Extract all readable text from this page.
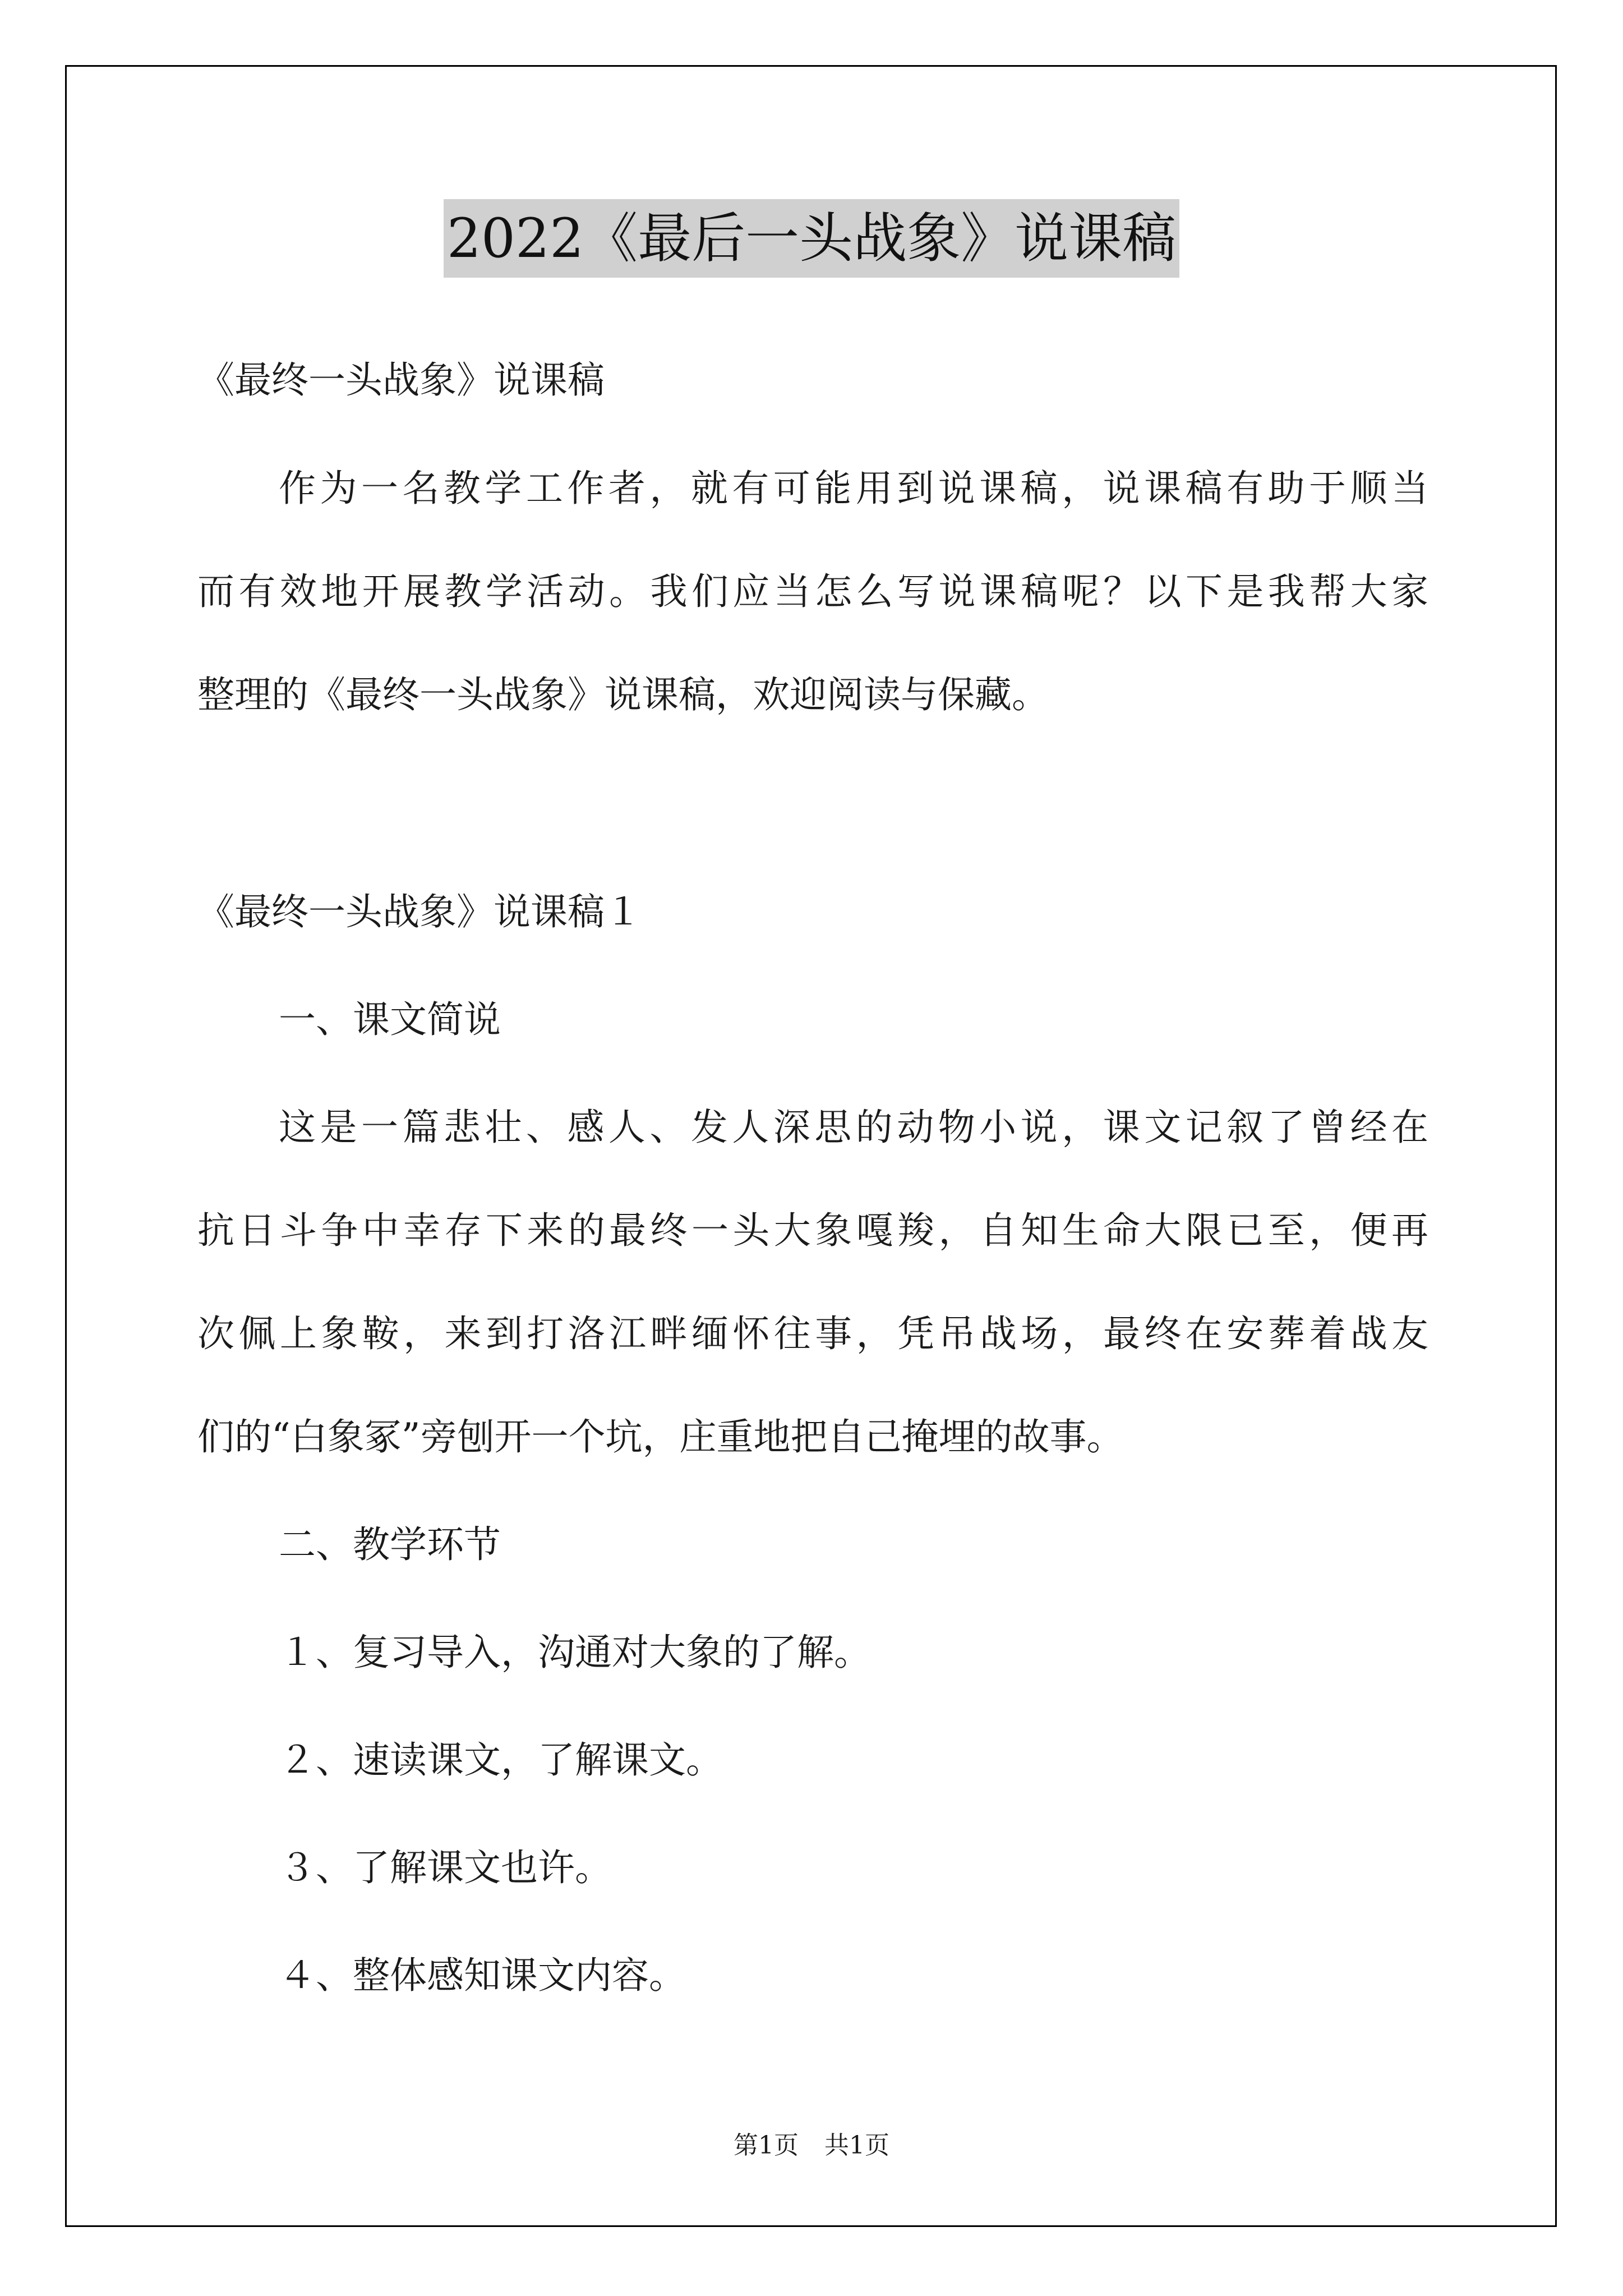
2022《最后一头战象》说课稿
《最终一头战象》说课稿
作为一名教学工作者，就有可能用到说课稿，说课稿有助于顺当
而有效地开展教学活动。我们应当怎么写说课稿呢？以下是我帮大家
整理的《最终一头战象》说课稿，欢迎阅读与保藏。
《最终一头战象》说课稿１
一、课文简说
这是一篇悲壮、感人、发人深思的动物小说，课文记叙了曾经在
抗日斗争中幸存下来的最终一头大象嘎羧，自知生命大限已至，便再
次佩上象鞍，来到打洛江畔缅怀往事，凭吊战场，最终在安葬着战友
们的“白象冢”旁刨开一个坑，庄重地把自己掩埋的故事。
二、教学环节
１、复习导入，沟通对大象的了解。
２、速读课文，了解课文。
３、了解课文也许。
４、整体感知课文内容。
第1页 共1页
